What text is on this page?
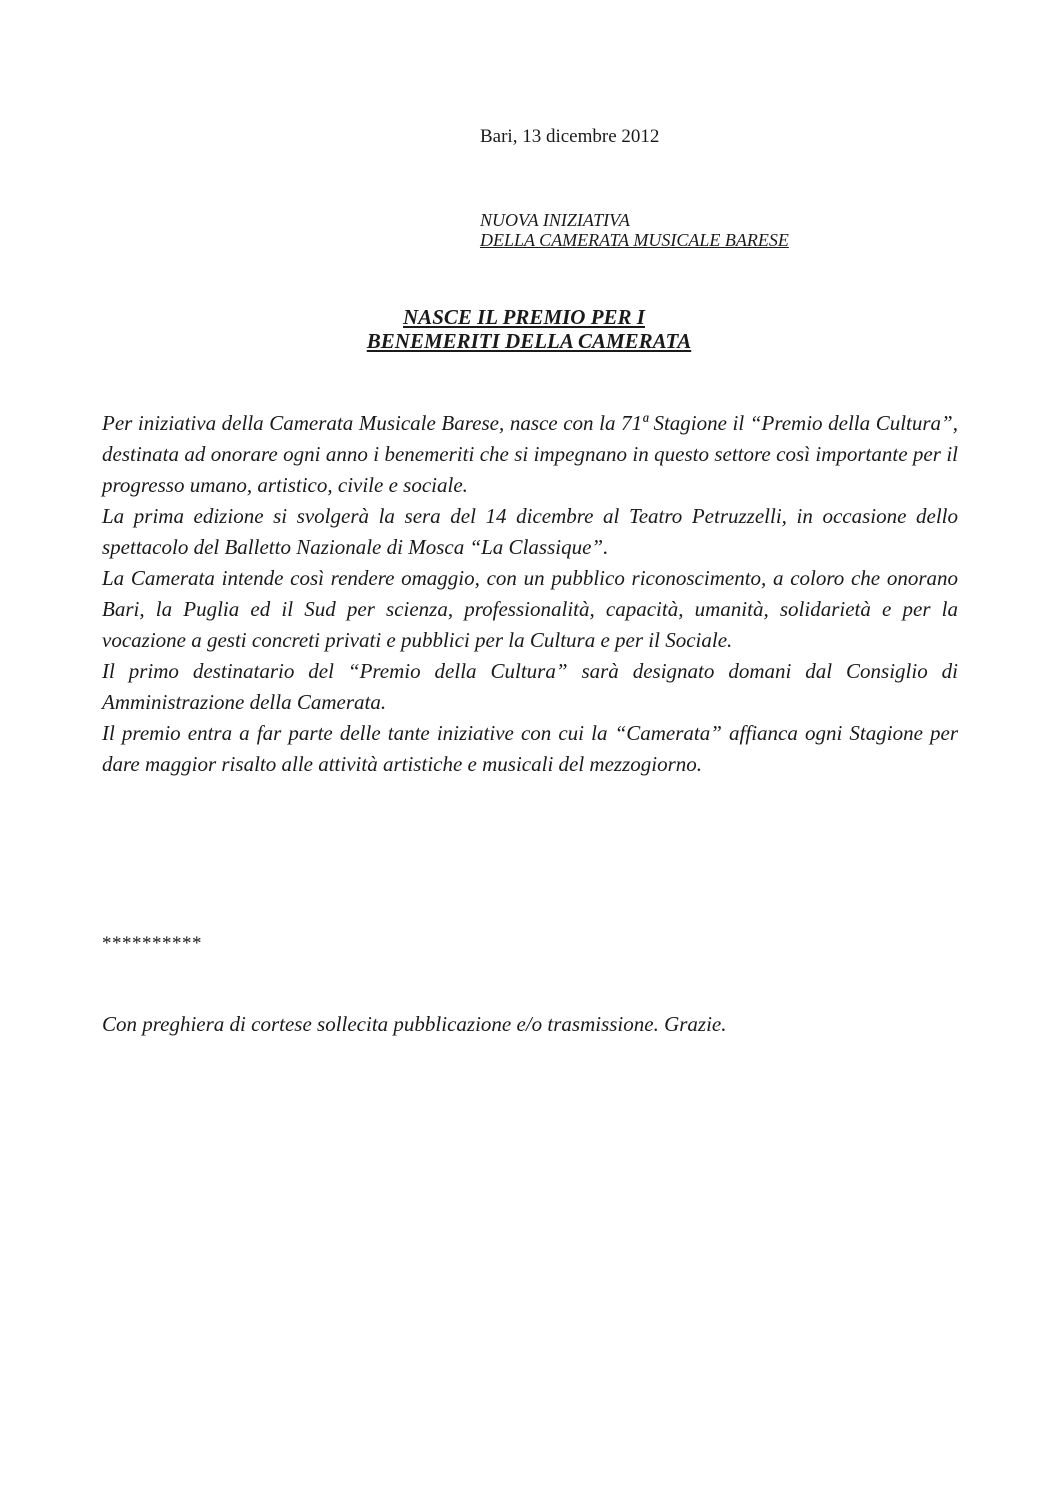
Bari, 13 dicembre 2012

NUOVA INIZIATIVA
DELLA CAMERATA MUSICALE BARESE
NASCE IL PREMIO PER I
BENEMERITI DELLA CAMERATA

Per iniziativa della Camerata Musicale Barese, nasce con la 71ª Stagione il “Premio della Cultura”, destinata ad onorare ogni anno i benemeriti che si impegnano in questo settore così importante per il progresso umano, artistico, civile e sociale.

La prima edizione si svolgerà la sera del 14 dicembre al Teatro Petruzzelli, in occasione dello spettacolo del Balletto Nazionale di Mosca “La Classique”.

La Camerata intende così rendere omaggio, con un pubblico riconoscimento, a coloro che onorano Bari, la Puglia ed il Sud per scienza, professionalità, capacità, umanità, solidarietà e per la vocazione a gesti concreti privati e pubblici per la Cultura e per il Sociale.

Il primo destinatario del “Premio della Cultura” sarà designato domani dal Consiglio di Amministrazione della Camerata.

Il premio entra a far parte delle tante iniziative con cui la “Camerata” affianca ogni Stagione per dare maggior risalto alle attività artistiche e musicali del mezzogiorno.

**********

Con preghiera di cortese sollecita pubblicazione e/o trasmissione. Grazie.
